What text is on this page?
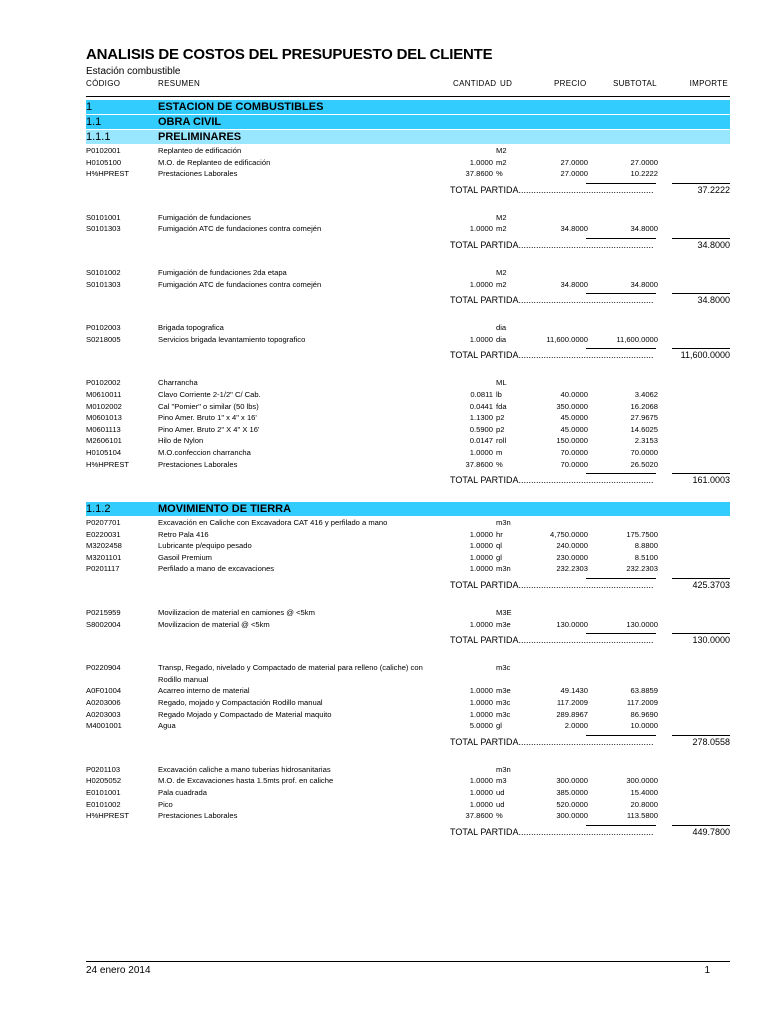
ANALISIS DE COSTOS DEL PRESUPUESTO DEL CLIENTE
Estación combustible
CÓDIGO	RESUMEN	CANTIDAD UD	PRECIO	SUBTOTAL	IMPORTE
1	ESTACION DE COMBUSTIBLES
1.1	OBRA CIVIL
1.1.1	PRELIMINARES
P0102001	Replanteo de edificación	M2
H0105100	M.O. de Replanteo de edificación	1.0000 m2	27.0000	27.0000
H%HPREST	Prestaciones Laborales	37.8600 %	27.0000	10.2222
TOTAL PARTIDA......................................................	37.2222
S0101001	Fumigación de fundaciones	M2
S0101303	Fumigación ATC de fundaciones contra comején	1.0000 m2	34.8000	34.8000
TOTAL PARTIDA......................................................	34.8000
S0101002	Fumigación de fundaciones 2da etapa	M2
S0101303	Fumigación ATC de fundaciones contra comején	1.0000 m2	34.8000	34.8000
TOTAL PARTIDA......................................................	34.8000
P0102003	Brigada topografica	dia
S0218005	Servicios brigada levantamiento topografico	1.0000 dia	11,600.0000	11,600.0000
TOTAL PARTIDA......................................................	11,600.0000
P0102002	Charrancha	ML
M0610011	Clavo Corriente 2-1/2" C/ Cab.	0.0811 lb	40.0000	3.4062
M0102002	Cal "Pomier" o similar (50 lbs)	0.0441 fda	350.0000	16.2068
M0601013	Pino Amer. Bruto 1" x 4" x 16'	1.1300 p2	45.0000	27.9675
M0601113	Pino Amer. Bruto 2" X 4" X 16'	0.5900 p2	45.0000	14.6025
M2606101	Hilo de Nylon	0.0147 roll	150.0000	2.3153
H0105104	M.O.confeccion charrancha	1.0000 m	70.0000	70.0000
H%HPREST	Prestaciones Laborales	37.8600 %	70.0000	26.5020
TOTAL PARTIDA......................................................	161.0003
1.1.2	MOVIMIENTO DE TIERRA
P0207701	Excavación en Caliche con Excavadora CAT 416 y perfilado a mano	m3n
E0220031	Retro Pala 416	1.0000 hr	4,750.0000	175.7500
M3202458	Lubricante p/equipo pesado	1.0000 ql	240.0000	8.8800
M3201101	Gasoil Premium	1.0000 gl	230.0000	8.5100
P0201117	Perfilado a mano de excavaciones	1.0000 m3n	232.2303	232.2303
TOTAL PARTIDA......................................................	425.3703
P0215959	Movilizacion de material en camiones @ <5km	M3E
S8002004	Movilizacion de material @ <5km	1.0000 m3e	130.0000	130.0000
TOTAL PARTIDA......................................................	130.0000
P0220904	Transp, Regado, nivelado y Compactado de material para relleno (caliche) con	m3c
Rodillo manual
A0F01004	Acarreo interno de material	1.0000 m3e	49.1430	63.8859
A0203006	Regado, mojado y Compactación Rodillo manual	1.0000 m3c	117.2009	117.2009
A0203003	Regado Mojado y Compactado de Material maquito	1.0000 m3c	289.8967	86.9690
M4001001	Agua	5.0000 gl	2.0000	10.0000
TOTAL PARTIDA......................................................	278.0558
P0201103	Excavación caliche a mano tuberias hidrosanitarias	m3n
H0205052	M.O. de Excavaciones hasta 1.5mts prof. en caliche	1.0000 m3	300.0000	300.0000
E0101001	Pala cuadrada	1.0000 ud	385.0000	15.4000
E0101002	Pico	1.0000 ud	520.0000	20.8000
H%HPREST	Prestaciones Laborales	37.8600 %	300.0000	113.5800
TOTAL PARTIDA......................................................	449.7800
24 enero 2014	1
